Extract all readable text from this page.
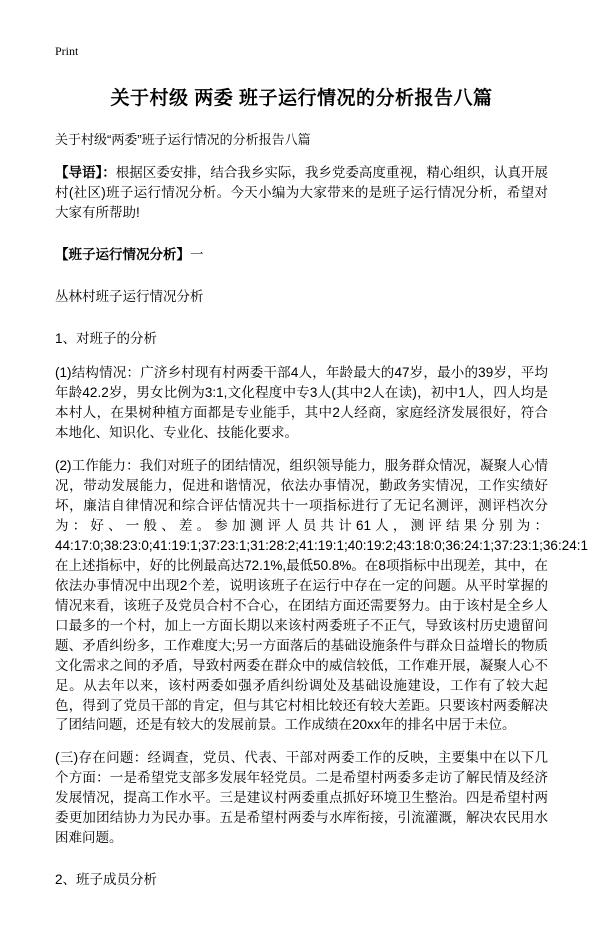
Print
关于村级 两委 班子运行情况的分析报告八篇
关于村级“两委”班子运行情况的分析报告八篇

【导语】：根据区委安排，结合我乡实际，我乡党委高度重视，精心组织，认真开展村(社区)班子运行情况分析。今天小编为大家带来的是班子运行情况分析，希望对大家有所帮助!

【班子运行情况分析】一
丛林村班子运行情况分析
1、对班子的分析

(1)结构情况：广济乡村现有村两委干部4人，年龄最大的47岁，最小的39岁，平均年龄42.2岁，男女比例为3:1,文化程度中专3人(其中2人在读)，初中1人，四人均是本村人，在果树种植方面都是专业能手，其中2人经商，家庭经济发展很好，符合本地化、知识化、专业化、技能化要求。

(2)工作能力：我们对班子的团结情况，组织领导能力，服务群众情况，凝聚人心情况，带动发展能力，促进和谐情况，依法办事情况，勤政务实情况，工作实绩好坏，廉洁自律情况和综合评估情况共十一项指标进行了无记名测评，测评档次分为：好、一般、差。参加测评人员共计61人，测评结果分别为：44:17:0;38:23:0;41:19:1;37:23:1;31:28:2;41:19:1;40:19:2;43:18:0;36:24:1;37:23:1;36:24:1在上述指标中，好的比例最高达72.1%,最低50.8%。在8项指标中出现差，其中，在依法办事情况中出现2个差，说明该班子在运行中存在一定的问题。从平时掌握的情况来看，该班子及党员合村不合心，在团结方面还需要努力。由于该村是全乡人口最多的一个村，加上一方面长期以来该村两委班子不正气，导致该村历史遗留问题、矛盾纠纷多，工作难度大;另一方面落后的基础设施条件与群众日益增长的物质文化需求之间的矛盾，导致村两委在群众中的威信较低，工作难开展，凝聚人心不足。从去年以来，该村两委如强矛盾纠纷调处及基础设施建设，工作有了较大起色，得到了党员干部的肯定，但与其它村相比较还有较大差距。只要该村两委解决了团结问题，还是有较大的发展前景。工作成绩在20xx年的排名中居于未位。

(三)存在问题：经调查，党员、代表、干部对两委工作的反映，主要集中在以下几个方面：一是希望党支部多发展年轻党员。二是希望村两委多走访了解民情及经济发展情况，提高工作水平。三是建议村两委重点抓好环境卫生整治。四是希望村两委更加团结协力为民办事。五是希望村两委与水库衔接，引流灌溉，解决农民用水困难问题。

2、班子成员分析
